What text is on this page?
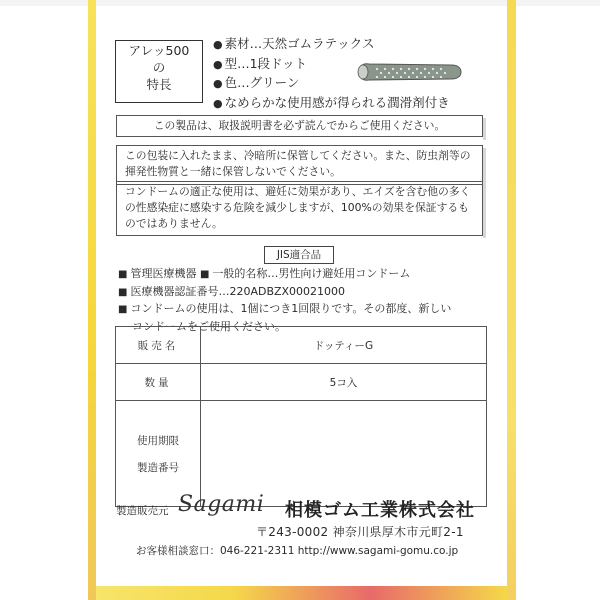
アレッ500
の
特長
● 素材…天然ゴムラテックス
● 型…1段ドット
● 色…グリーン
● なめらかな使用感が得られる潤滑剤付き
この製品は、取扱説明書を必ず読んでからご使用ください。
この包装に入れたまま、冷暗所に保管してください。また、防虫剤等の揮発性物質と一緒に保管しないでください。
コンドームの適正な使用は、避妊に効果があり、エイズを含む他の多くの性感染症に感染する危険を減少しますが、100%の効果を保証するものではありません。
JIS適合品
■ 管理医療機器 ■ 一般的名称…男性向け避妊用コンドーム
■ 医療機器認証番号…220ADBZX00021000
■ コンドームの使用は、1個につき1回限りです。その都度、新しい
コンドームをご使用ください。
販売名	ドッティーG
数量	5コ入

使用期限
製造番号	

製造販売元 Sagami 相模ゴム工業株式会社
〒243-0002 神奈川県厚木市元町2-1
お客様相談窓口：046-221-2311 http://www.sagami-gomu.co.jp
